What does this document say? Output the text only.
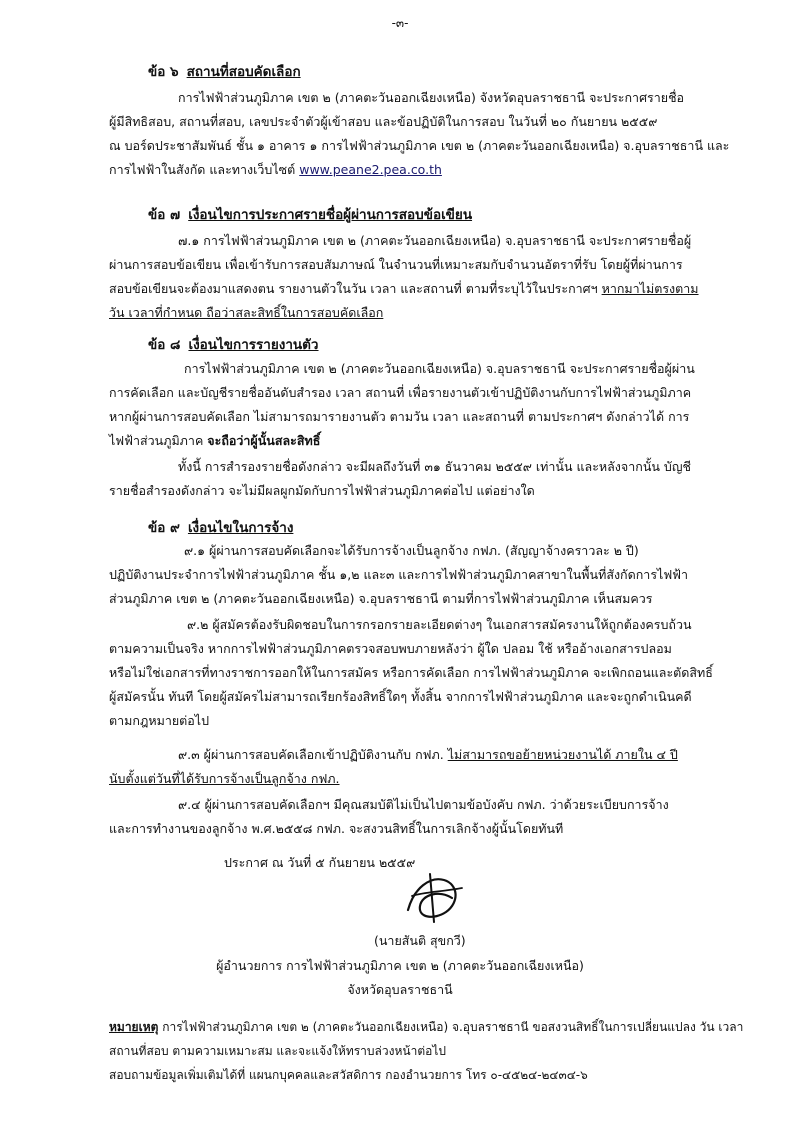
-๓-
ข้อ ๖ สถานที่สอบคัดเลือก
การไฟฟ้าส่วนภูมิภาค เขต ๒ (ภาคตะวันออกเฉียงเหนือ) จังหวัดอุบลราชธานี จะประกาศรายชื่อ
ผู้มีสิทธิสอบ, สถานที่สอบ, เลขประจำตัวผู้เข้าสอบ และข้อปฏิบัติในการสอบ ในวันที่ ๒๐ กันยายน ๒๕๕๙
ณ บอร์ดประชาสัมพันธ์ ชั้น ๑ อาคาร ๑ การไฟฟ้าส่วนภูมิภาค เขต ๒ (ภาคตะวันออกเฉียงเหนือ) จ.อุบลราชธานี และ
การไฟฟ้าในสังกัด และทางเว็บไซต์ www.peane2.pea.co.th
ข้อ ๗ เงื่อนไขการประกาศรายชื่อผู้ผ่านการสอบข้อเขียน
๗.๑ การไฟฟ้าส่วนภูมิภาค เขต ๒ (ภาคตะวันออกเฉียงเหนือ) จ.อุบลราชธานี จะประกาศรายชื่อผู้
ผ่านการสอบข้อเขียน เพื่อเข้ารับการสอบสัมภาษณ์ ในจำนวนที่เหมาะสมกับจำนวนอัตราที่รับ โดยผู้ที่ผ่านการ
สอบข้อเขียนจะต้องมาแสดงตน รายงานตัวในวัน เวลา และสถานที่ ตามที่ระบุไว้ในประกาศฯ หากมาไม่ตรงตาม
วัน เวลาที่กำหนด ถือว่าสละสิทธิ์ในการสอบคัดเลือก
ข้อ ๘ เงื่อนไขการรายงานตัว
การไฟฟ้าส่วนภูมิภาค เขต ๒ (ภาคตะวันออกเฉียงเหนือ) จ.อุบลราชธานี จะประกาศรายชื่อผู้ผ่าน
การคัดเลือก และบัญชีรายชื่ออันดับสำรอง เวลา สถานที่ เพื่อรายงานตัวเข้าปฏิบัติงานกับการไฟฟ้าส่วนภูมิภาค
หากผู้ผ่านการสอบคัดเลือก ไม่สามารถมารายงานตัว ตามวัน เวลา และสถานที่ ตามประกาศฯ ดังกล่าวได้ การ
ไฟฟ้าส่วนภูมิภาค จะถือว่าผู้นั้นสละสิทธิ์
ทั้งนี้ การสำรองรายชื่อดังกล่าว จะมีผลถึงวันที่ ๓๑ ธันวาคม ๒๕๕๙ เท่านั้น และหลังจากนั้น บัญชี
รายชื่อสำรองดังกล่าว จะไม่มีผลผูกมัดกับการไฟฟ้าส่วนภูมิภาคต่อไป แต่อย่างใด
ข้อ ๙ เงื่อนไขในการจ้าง
๙.๑ ผู้ผ่านการสอบคัดเลือกจะได้รับการจ้างเป็นลูกจ้าง กฟภ. (สัญญาจ้างคราวละ ๒ ปี)
ปฏิบัติงานประจำการไฟฟ้าส่วนภูมิภาค ชั้น ๑,๒ และ๓ และการไฟฟ้าส่วนภูมิภาคสาขาในพื้นที่สังกัดการไฟฟ้า
ส่วนภูมิภาค เขต ๒ (ภาคตะวันออกเฉียงเหนือ) จ.อุบลราชธานี ตามที่การไฟฟ้าส่วนภูมิภาค เห็นสมควร
๙.๒ ผู้สมัครต้องรับผิดชอบในการกรอกรายละเอียดต่างๆ ในเอกสารสมัครงานให้ถูกต้องครบถ้วน
ตามความเป็นจริง หากการไฟฟ้าส่วนภูมิภาคตรวจสอบพบภายหลังว่า ผู้ใด ปลอม ใช้ หรืออ้างเอกสารปลอม
หรือไม่ใช่เอกสารที่ทางราชการออกให้ในการสมัคร หรือการคัดเลือก การไฟฟ้าส่วนภูมิภาค จะเพิกถอนและตัดสิทธิ์
ผู้สมัครนั้น ทันที โดยผู้สมัครไม่สามารถเรียกร้องสิทธิ์ใดๆ ทั้งสิ้น จากการไฟฟ้าส่วนภูมิภาค และจะถูกดำเนินคดี
ตามกฎหมายต่อไป
๙.๓ ผู้ผ่านการสอบคัดเลือกเข้าปฏิบัติงานกับ กฟภ. ไม่สามารถขอย้ายหน่วยงานได้ ภายใน ๔ ปี
นับตั้งแต่วันที่ได้รับการจ้างเป็นลูกจ้าง กฟภ.
๙.๔ ผู้ผ่านการสอบคัดเลือกฯ มีคุณสมบัติไม่เป็นไปตามข้อบังคับ กฟภ. ว่าด้วยระเบียบการจ้าง
และการทำงานของลูกจ้าง พ.ศ.๒๕๕๘ กฟภ. จะสงวนสิทธิ์ในการเลิกจ้างผู้นั้นโดยทันที
ประกาศ ณ วันที่ ๕ กันยายน ๒๕๕๙
(นายสันติ สุขกวี)
ผู้อำนวยการ การไฟฟ้าส่วนภูมิภาค เขต ๒ (ภาคตะวันออกเฉียงเหนือ)
จังหวัดอุบลราชธานี
หมายเหตุ การไฟฟ้าส่วนภูมิภาค เขต ๒ (ภาคตะวันออกเฉียงเหนือ) จ.อุบลราชธานี ขอสงวนสิทธิ์ในการเปลี่ยนแปลง วัน เวลา
สถานที่สอบ ตามความเหมาะสม และจะแจ้งให้ทราบล่วงหน้าต่อไป
สอบถามข้อมูลเพิ่มเติมได้ที่ แผนกบุคคลและสวัสดิการ กองอำนวยการ โทร ๐-๔๕๒๔-๒๔๓๔-๖
